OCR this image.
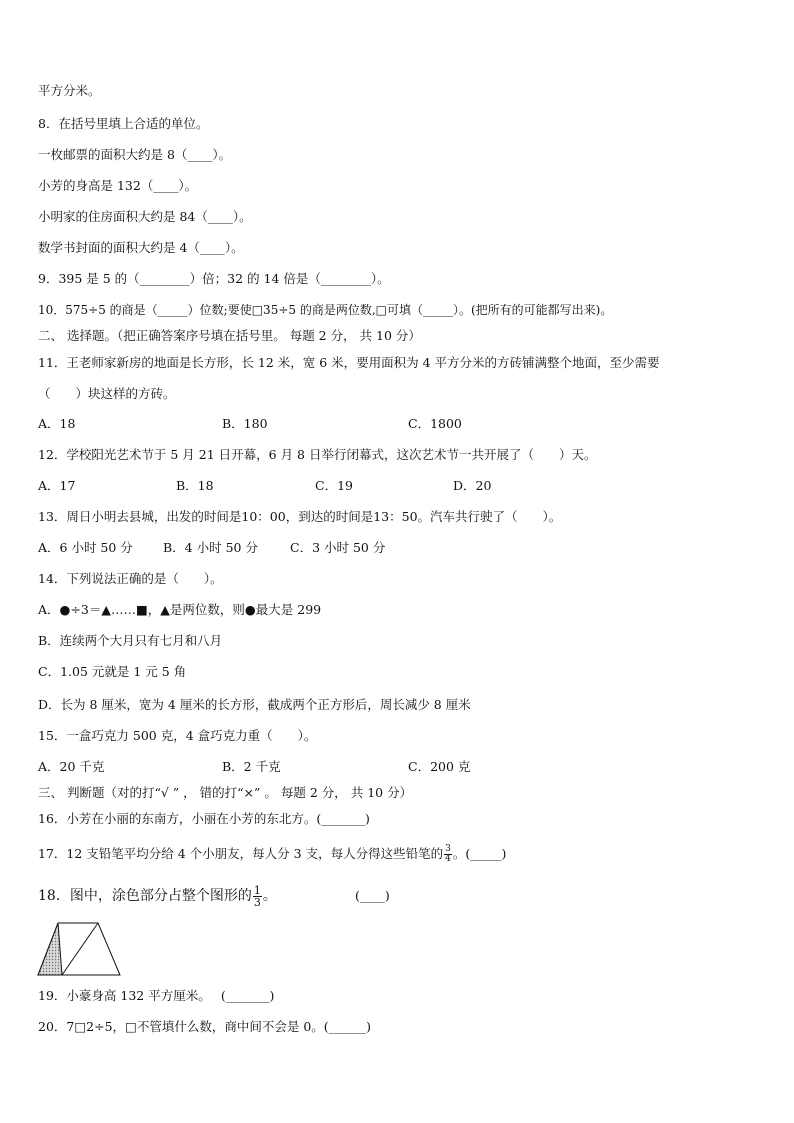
平方分米。
8．在括号里填上合适的单位。
一枚邮票的面积大约是 8（____）。
小芳的身高是 132（____）。
小明家的住房面积大约是 84（____）。
数学书封面的面积大约是 4（____）。
9．395 是 5 的（________）倍；32 的 14 倍是（________）。
10．575÷5 的商是（_____）位数;要使□35÷5 的商是两位数,□可填（_____）。(把所有的可能都写出来)。
二、 选择题。（把正确答案序号填在括号里。 每题 2 分， 共 10 分）
11．王老师家新房的地面是长方形，长 12 米，宽 6 米，要用面积为 4 平方分米的方砖铺满整个地面，至少需要
（　　）块这样的方砖。
A．18	B．180	C．1800
12．学校阳光艺术节于 5 月 21 日开幕，6 月 8 日举行闭幕式，这次艺术节一共开展了（　　）天。
A．17	B．18	C．19	D．20
13．周日小明去县城，出发的时间是10：00，到达的时间是13：50。汽车共行驶了（　　）。
A．6 小时 50 分 B．4 小时 50 分	C．3 小时 50 分
14．下列说法正确的是（　　）。
A．●÷3＝▲……■，▲是两位数，则●最大是 299
B．连续两个大月只有七月和八月
C．1.05 元就是 1 元 5 角
D．长为 8 厘米，宽为 4 厘米的长方形，截成两个正方形后，周长减少 8 厘米
15．一盒巧克力 500 克，4 盒巧克力重（　　）。
A．20 千克	B．2 千克	C．200 克
三、 判断题（对的打“√ ” ， 错的打“×” 。 每题 2 分， 共 10 分）
16．小芳在小丽的东南方，小丽在小芳的东北方。(_______)
17．12 支铅笔平均分给 4 个小朋友，每人分 3 支，每人分得这些铅笔的 $\frac{3}{4}$ 。(_____)
18．图中，涂色部分占整个图形的 $\frac{1}{3}$ 。	(____)
19．小豪身高 132 平方厘米。　 (_______)
20．7□2÷5，□不管填什么数，商中间不会是 0。(______)
